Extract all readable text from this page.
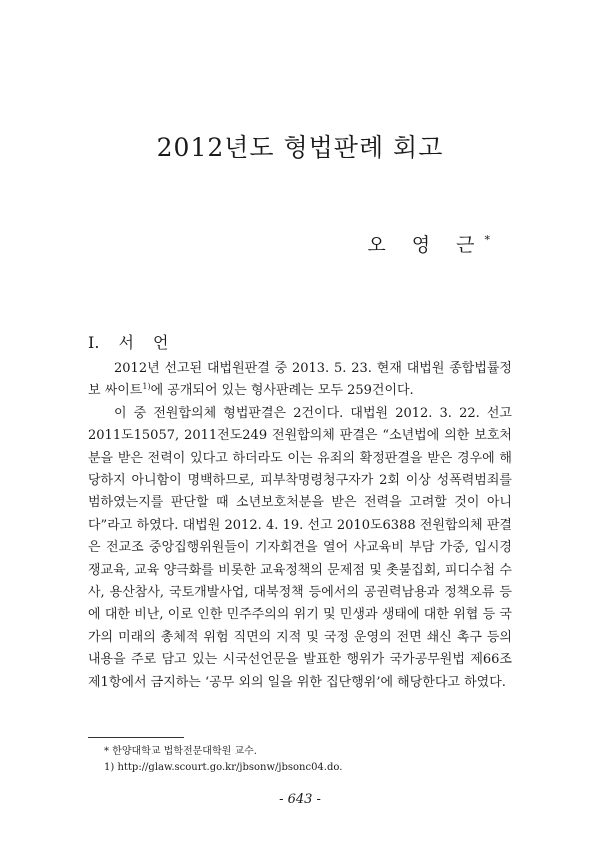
2012년도 형법판례 회고
오 영 근*
I. 서 언

2012년 선고된 대법원판결 중 2013. 5. 23. 현재 대법원 종합법률정보 싸이트$^{1)}$에 공개되어 있는 형사판례는 모두 259건이다.

이 중 전원합의체 형법판결은 2건이다. 대법원 2012. 3. 22. 선고 2011도15057, 2011전도249 전원합의체 판결은 “소년법에 의한 보호처분을 받은 전력이 있다고 하더라도 이는 유죄의 확정판결을 받은 경우에 해당하지 아니함이 명백하므로, 피부착명령청구자가 2회 이상 성폭력범죄를 범하였는지를 판단할 때 소년보호처분을 받은 전력을 고려할 것이 아니다”라고 하였다. 대법원 2012. 4. 19. 선고 2010도6388 전원합의체 판결은 전교조 중앙집행위원들이 기자회견을 열어 사교육비 부담 가중, 입시경쟁교육, 교육 양극화를 비롯한 교육정책의 문제점 및 촛불집회, 피디수첩 수사, 용산참사, 국토개발사업, 대북정책 등에서의 공권력남용과 정책오류 등에 대한 비난, 이로 인한 민주주의의 위기 및 민생과 생태에 대한 위협 등 국가의 미래의 총체적 위험 직면의 지적 및 국정 운영의 전면 쇄신 촉구 등의 내용을 주로 담고 있는 시국선언문을 발표한 행위가 국가공무원법 제66조 제1항에서 금지하는 ‘공무 외의 일을 위한 집단행위’에 해당한다고 하였다.

* 한양대학교 법학전문대학원 교수.
1) http://glaw.scourt.go.kr/jbsonw/jbsonc04.do.
- 643 -
